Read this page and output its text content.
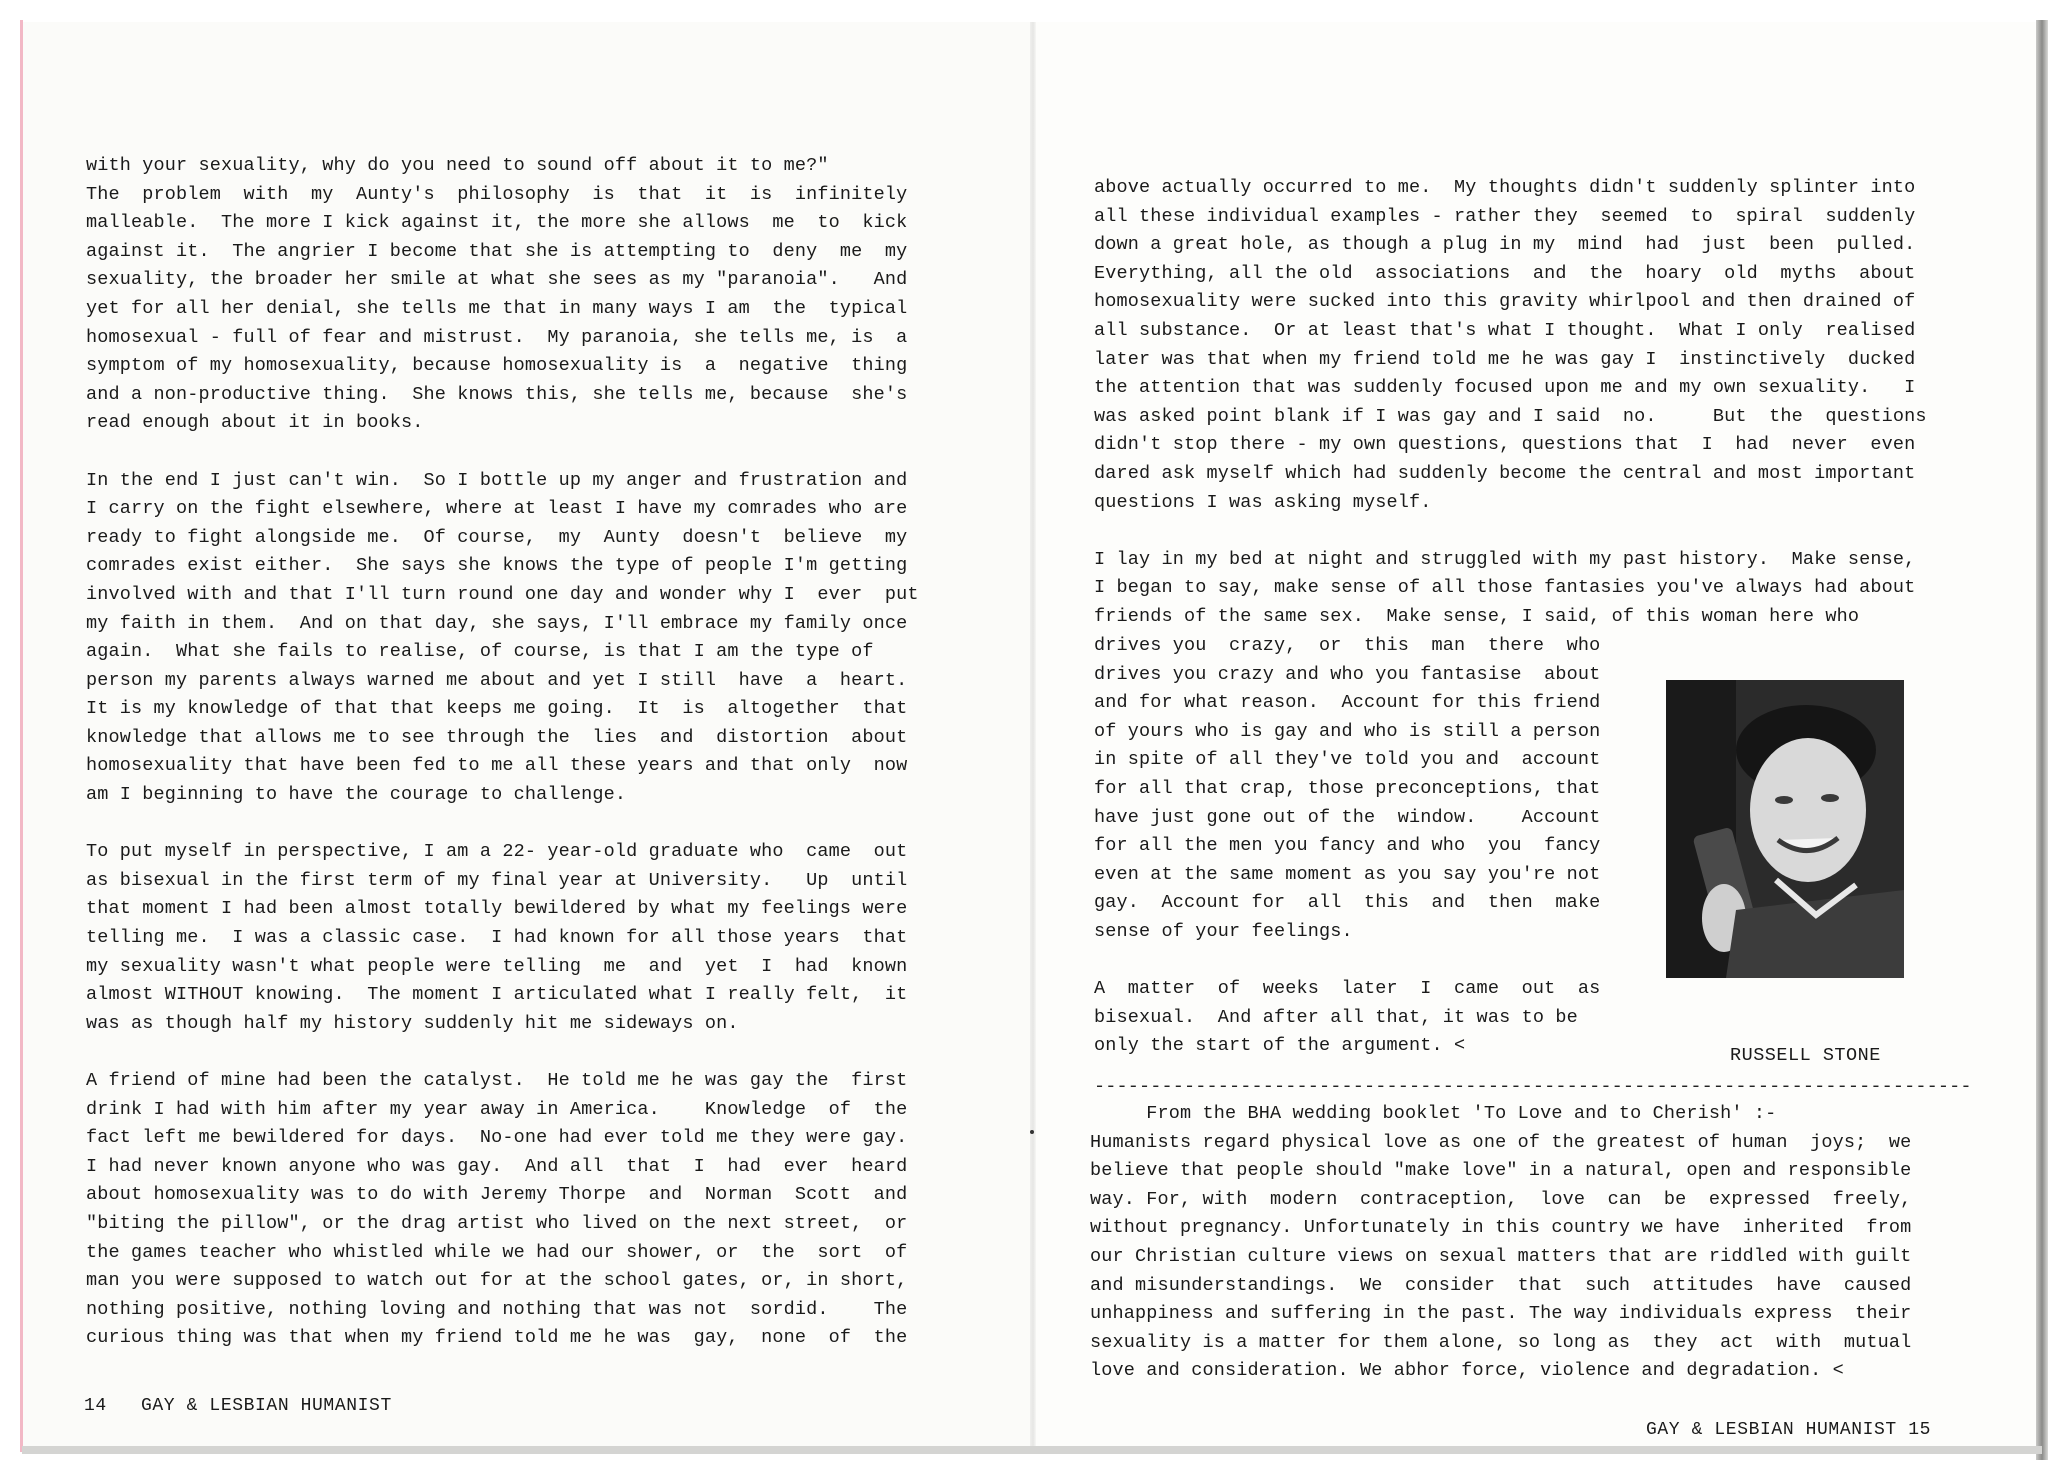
with your sexuality, why do you need to sound off about it to me?"
The  problem  with  my  Aunty's  philosophy  is  that  it  is  infinitely
malleable.  The more I kick against it, the more she allows  me  to  kick
against it.  The angrier I become that she is attempting to  deny  me  my
sexuality, the broader her smile at what she sees as my "paranoia".   And
yet for all her denial, she tells me that in many ways I am  the  typical
homosexual - full of fear and mistrust.  My paranoia, she tells me, is  a
symptom of my homosexuality, because homosexuality is  a  negative  thing
and a non-productive thing.  She knows this, she tells me, because  she's
read enough about it in books.
In the end I just can't win.  So I bottle up my anger and frustration and
I carry on the fight elsewhere, where at least I have my comrades who are
ready to fight alongside me.  Of course,  my  Aunty  doesn't  believe  my
comrades exist either.  She says she knows the type of people I'm getting
involved with and that I'll turn round one day and wonder why I  ever  put
my faith in them.  And on that day, she says, I'll embrace my family once
again.  What she fails to realise, of course, is that I am the type of
person my parents always warned me about and yet I still  have  a  heart.
It is my knowledge of that that keeps me going.  It  is  altogether  that
knowledge that allows me to see through the  lies  and  distortion  about
homosexuality that have been fed to me all these years and that only  now
am I beginning to have the courage to challenge.
To put myself in perspective, I am a 22- year-old graduate who  came  out
as bisexual in the first term of my final year at University.   Up  until
that moment I had been almost totally bewildered by what my feelings were
telling me.  I was a classic case.  I had known for all those years  that
my sexuality wasn't what people were telling  me  and  yet  I  had  known
almost WITHOUT knowing.  The moment I articulated what I really felt,  it
was as though half my history suddenly hit me sideways on.
A friend of mine had been the catalyst.  He told me he was gay the  first
drink I had with him after my year away in America.    Knowledge  of  the
fact left me bewildered for days.  No-one had ever told me they were gay.
I had never known anyone who was gay.  And all  that  I  had  ever  heard
about homosexuality was to do with Jeremy Thorpe  and  Norman  Scott  and
"biting the pillow", or the drag artist who lived on the next street,  or
the games teacher who whistled while we had our shower, or  the  sort  of
man you were supposed to watch out for at the school gates, or, in short,
nothing positive, nothing loving and nothing that was not  sordid.    The
curious thing was that when my friend told me he was  gay,  none  of  the
14   GAY & LESBIAN HUMANIST
above actually occurred to me.  My thoughts didn't suddenly splinter into
all these individual examples - rather they  seemed  to  spiral  suddenly
down a great hole, as though a plug in my  mind  had  just  been  pulled.
Everything, all the old  associations  and  the  hoary  old  myths  about
homosexuality were sucked into this gravity whirlpool and then drained of
all substance.  Or at least that's what I thought.  What I only  realised
later was that when my friend told me he was gay I  instinctively  ducked
the attention that was suddenly focused upon me and my own sexuality.   I
was asked point blank if I was gay and I said  no.     But  the  questions
didn't stop there - my own questions, questions that  I  had  never  even
dared ask myself which had suddenly become the central and most important
questions I was asking myself.
I lay in my bed at night and struggled with my past history.  Make sense,
I began to say, make sense of all those fantasies you've always had about
friends of the same sex.  Make sense, I said, of this woman here who
drives you  crazy,  or  this  man  there  who
drives you crazy and who you fantasise  about
and for what reason.  Account for this friend
of yours who is gay and who is still a person
in spite of all they've told you and  account
for all that crap, those preconceptions, that
have just gone out of the  window.    Account
for all the men you fancy and who  you  fancy
even at the same moment as you say you're not
gay.  Account for  all  this  and  then  make
sense of your feelings.

A  matter  of  weeks  later  I  came  out  as
bisexual.  And after all that, it was to be
only the start of the argument. <	RUSSELL STONE
------------------------------------------------------------------------------
From the BHA wedding booklet 'To Love and to Cherish' :-
Humanists regard physical love as one of the greatest of human  joys;  we
believe that people should "make love" in a natural, open and responsible
way. For, with  modern  contraception,  love  can  be  expressed  freely,
without pregnancy. Unfortunately in this country we have  inherited  from
our Christian culture views on sexual matters that are riddled with guilt
and misunderstandings.  We  consider  that  such  attitudes  have  caused
unhappiness and suffering in the past. The way individuals express  their
sexuality is a matter for them alone, so long as  they  act  with  mutual
love and consideration. We abhor force, violence and degradation. <
GAY & LESBIAN HUMANIST 15
